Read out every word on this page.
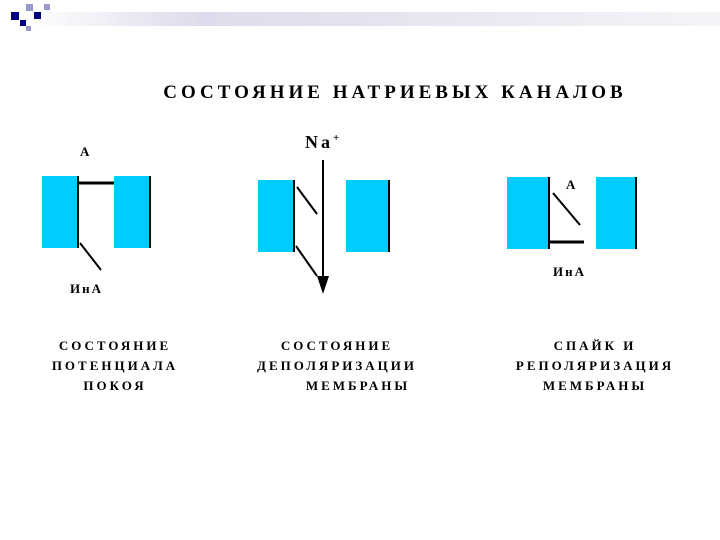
СОСТОЯНИЕ НАТРИЕВЫХ КАНАЛОВ
А
ИнА
Na+
А
ИнА
СОСТОЯНИЕ
ПОТЕНЦИАЛА
ПОКОЯ
СОСТОЯНИЕ
ДЕПОЛЯРИЗАЦИИ
МЕМБРАНЫ
СПАЙК И
РЕПОЛЯРИЗАЦИЯ
МЕМБРАНЫ
